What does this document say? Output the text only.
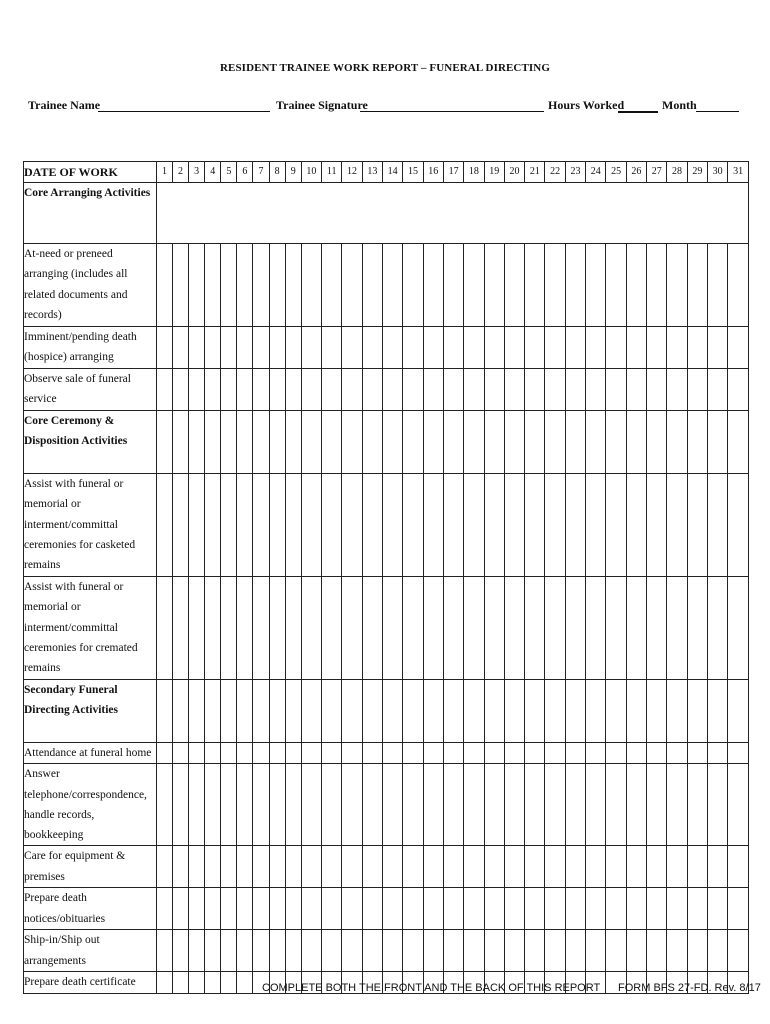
RESIDENT TRAINEE WORK REPORT – FUNERAL DIRECTING
Trainee Name	Trainee Signature	Hours Worked	Month
DATE OF WORK	1	2	3	4	5	6	7	8	9	10	11	12	13	14	15	16	17	18	19	20	21	22	23	24	25	26	27	28	29	30	31
Core Arranging Activities																															
At-need or preneed arranging (includes all related documents and records)																															
Imminent/pending death (hospice) arranging																															
Observe sale of funeral service																															
Core Ceremony & Disposition Activities																															
Assist with funeral or memorial or interment/committal ceremonies for casketed remains																															
Assist with funeral or memorial or interment/committal ceremonies for cremated remains																															
Secondary Funeral Directing Activities																															
Attendance at funeral home																															
Answer telephone/correspondence, handle records, bookkeeping																															
Care for equipment & premises																															
Prepare death notices/obituaries																															
Ship-in/Ship out arrangements																															
Prepare death certificate																																COMPLETE BOTH THE FRONT AND THE BACK OF THIS REPORT FORM BFS 27-FD. Rev. 8/17
